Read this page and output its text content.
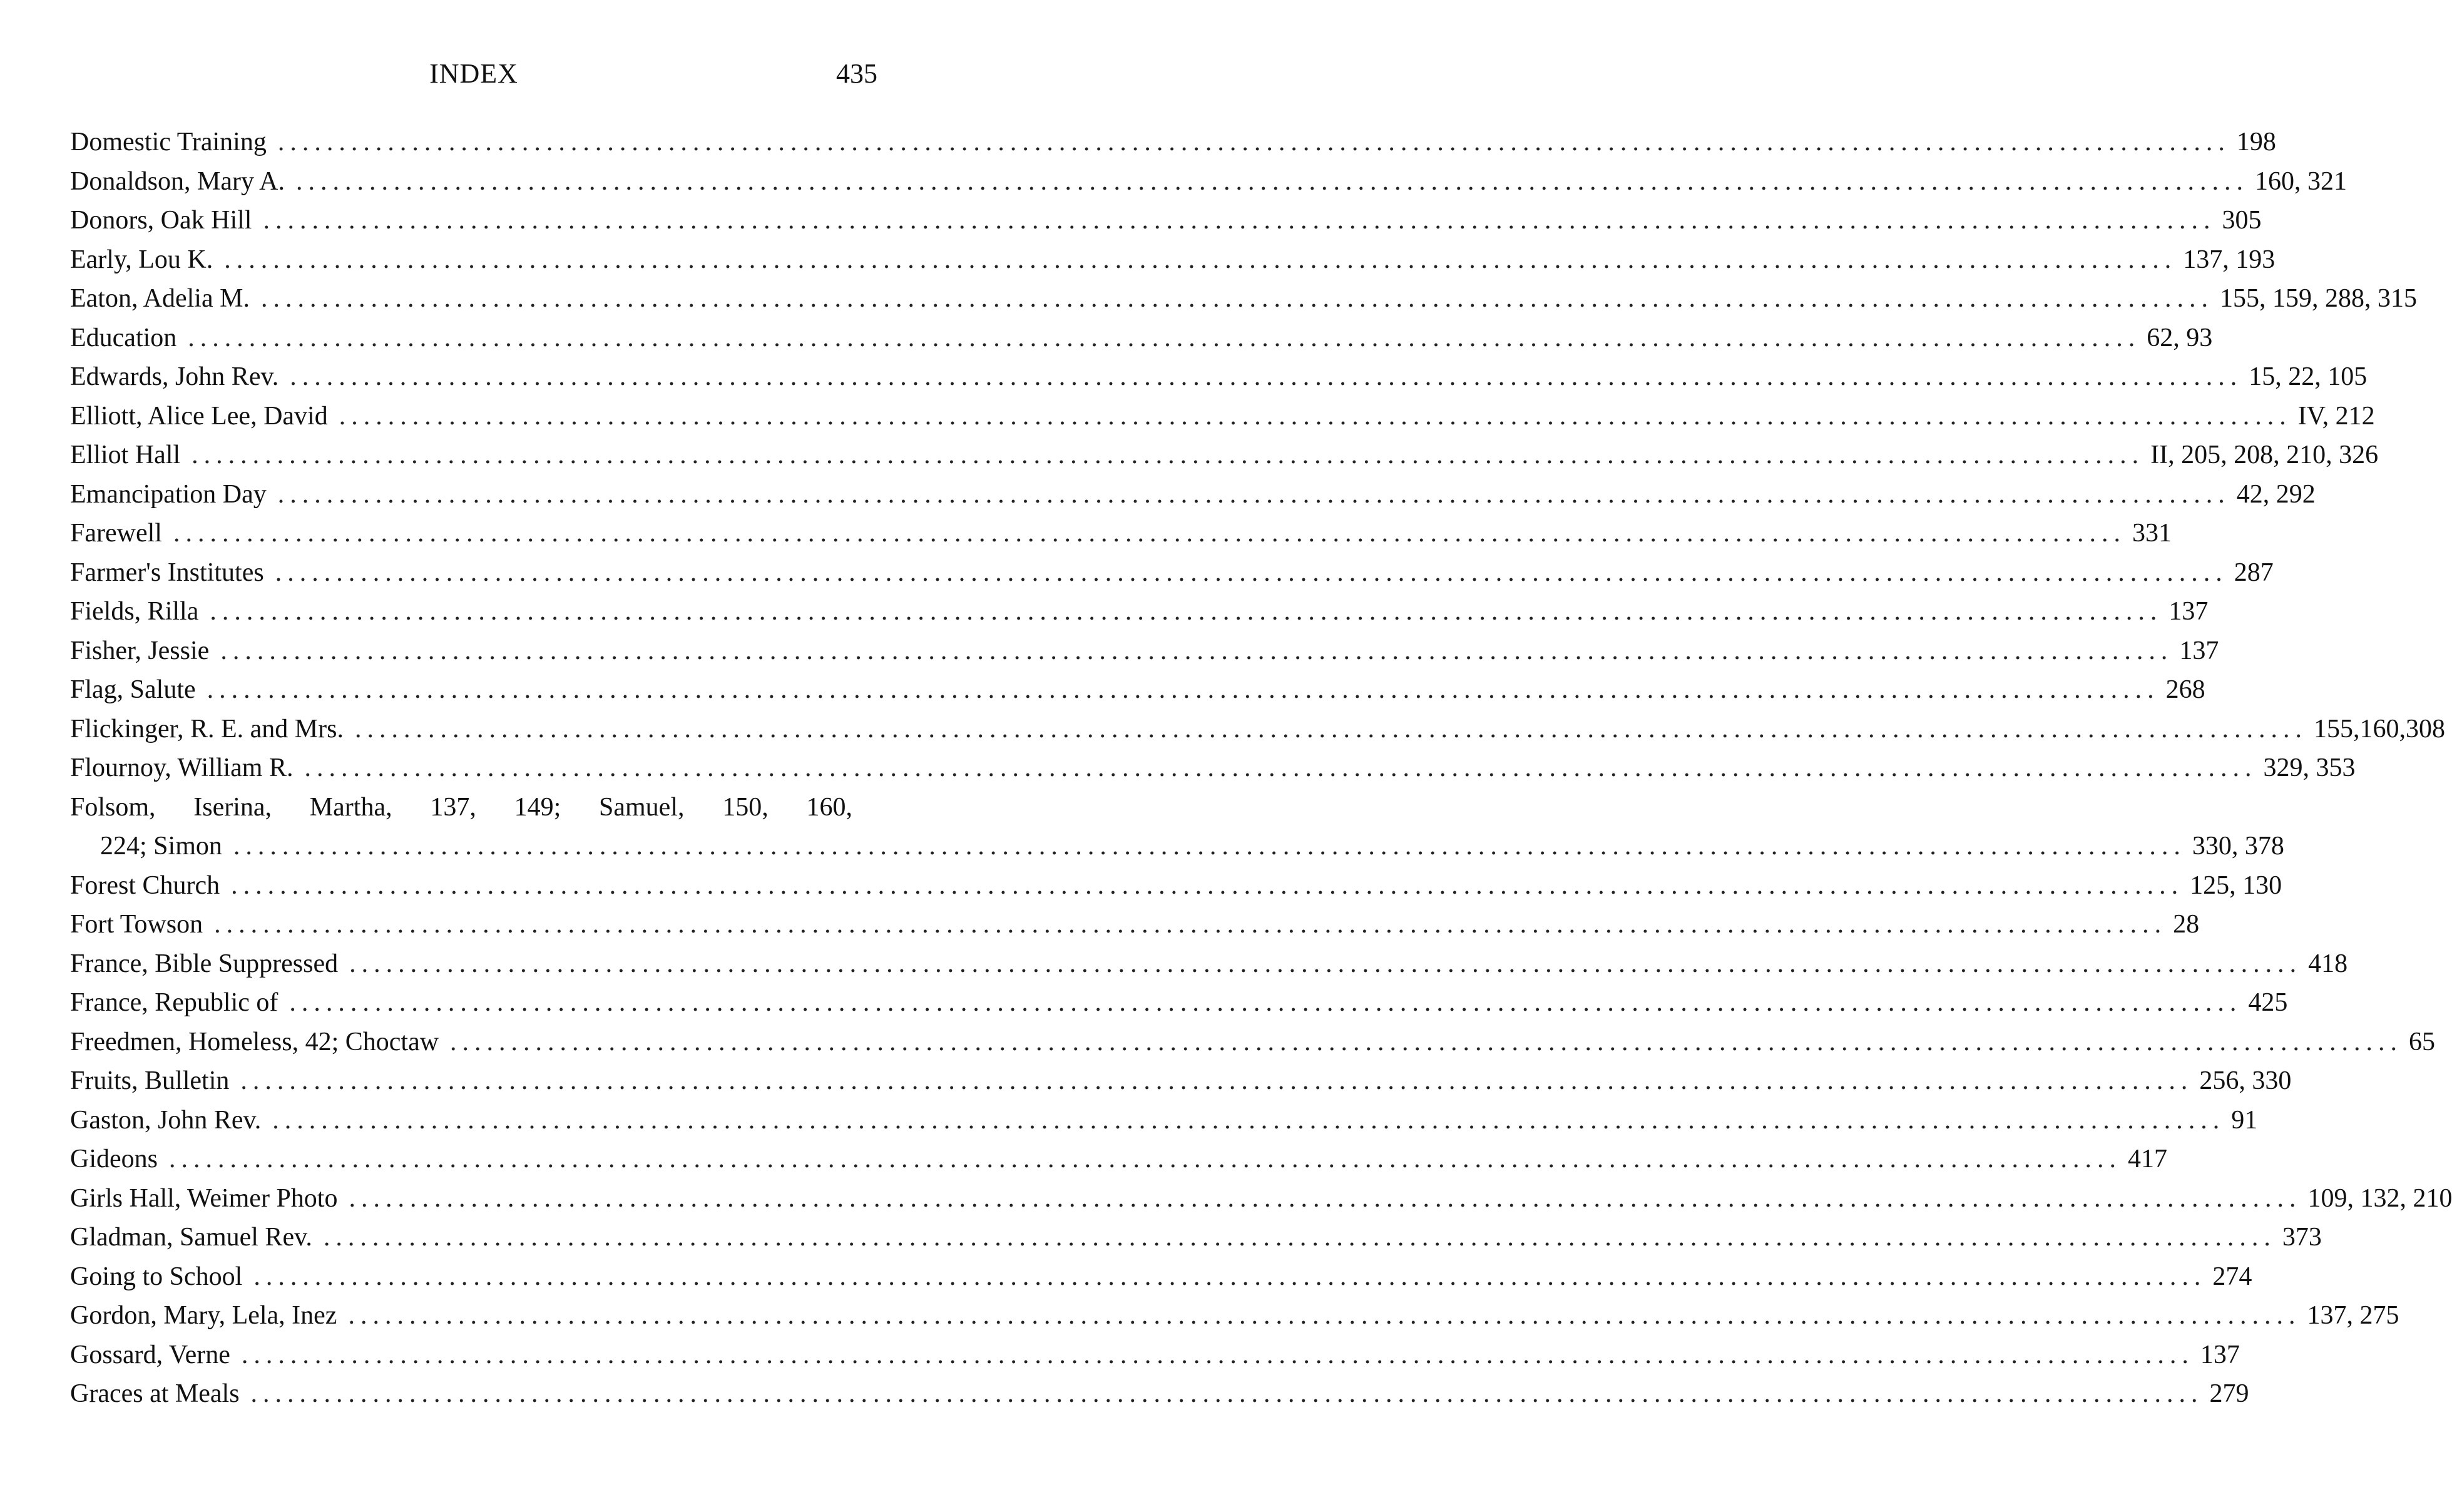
INDEX	435
Domestic Training ................................................................................................................................................................ 198
Donaldson, Mary A. ................................................................................................................................................................ 160, 321
Donors, Oak Hill ................................................................................................................................................................ 305
Early, Lou K. ................................................................................................................................................................ 137, 193
Eaton, Adelia M. ................................................................................................................................................................ 155, 159, 288, 315
Education ................................................................................................................................................................ 62, 93
Edwards, John Rev. ................................................................................................................................................................ 15, 22, 105
Elliott, Alice Lee, David ................................................................................................................................................................ IV, 212
Elliot Hall ................................................................................................................................................................ II, 205, 208, 210, 326
Emancipation Day ................................................................................................................................................................ 42, 292
Farewell ................................................................................................................................................................ 331
Farmer's Institutes ................................................................................................................................................................ 287
Fields, Rilla ................................................................................................................................................................ 137
Fisher, Jessie ................................................................................................................................................................ 137
Flag, Salute ................................................................................................................................................................ 268
Flickinger, R. E. and Mrs. ................................................................................................................................................................ 155,160,308
Flournoy, William R. ................................................................................................................................................................ 329, 353
Folsom, Iserina, Martha, 137, 149; Samuel, 150, 160,
224; Simon ................................................................................................................................................................ 330, 378
Forest Church ................................................................................................................................................................ 125, 130
Fort Towson ................................................................................................................................................................ 28
France, Bible Suppressed ................................................................................................................................................................ 418
France, Republic of ................................................................................................................................................................ 425
Freedmen, Homeless, 42; Choctaw ................................................................................................................................................................ 65
Fruits, Bulletin ................................................................................................................................................................ 256, 330
Gaston, John Rev. ................................................................................................................................................................ 91
Gideons ................................................................................................................................................................ 417
Girls Hall, Weimer Photo ................................................................................................................................................................ 109, 132, 210
Gladman, Samuel Rev. ................................................................................................................................................................ 373
Going to School ................................................................................................................................................................ 274
Gordon, Mary, Lela, Inez ................................................................................................................................................................ 137, 275
Gossard, Verne ................................................................................................................................................................ 137
Graces at Meals ................................................................................................................................................................ 279
